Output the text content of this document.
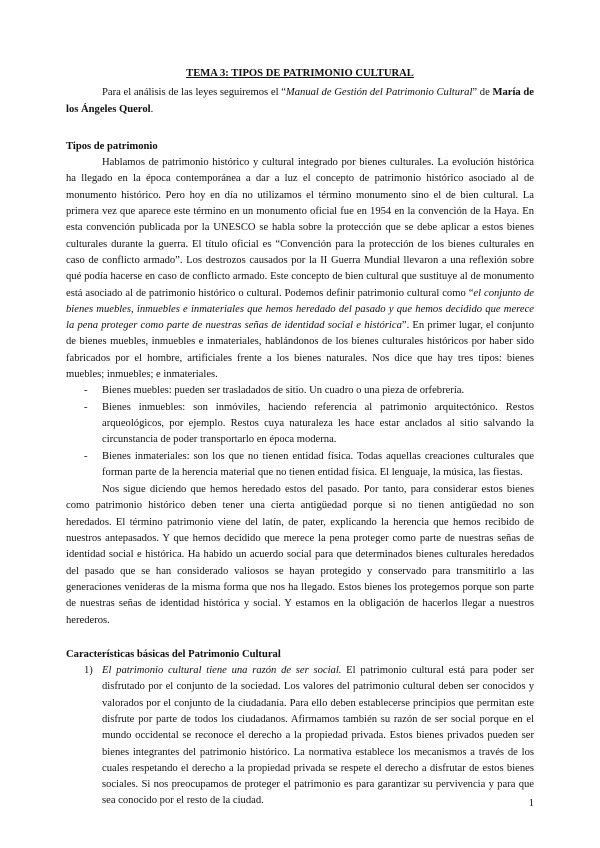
TEMA 3: TIPOS DE PATRIMONIO CULTURAL

Para el análisis de las leyes seguiremos el “Manual de Gestión del Patrimonio Cultural” de María de los Ángeles Querol.

Tipos de patrimonio

Hablamos de patrimonio histórico y cultural integrado por bienes culturales. La evolución histórica ha llegado en la época contemporánea a dar a luz el concepto de patrimonio histórico asociado al de monumento histórico. Pero hoy en día no utilizamos el término monumento sino el de bien cultural. La primera vez que aparece este término en un monumento oficial fue en 1954 en la convención de la Haya. En esta convención publicada por la UNESCO se habla sobre la protección que se debe aplicar a estos bienes culturales durante la guerra. El título oficial es “Convención para la protección de los bienes culturales en caso de conflicto armado”. Los destrozos causados por la II Guerra Mundial llevaron a una reflexión sobre qué podía hacerse en caso de conflicto armado. Este concepto de bien cultural que sustituye al de monumento está asociado al de patrimonio histórico o cultural. Podemos definir patrimonio cultural como “el conjunto de bienes muebles, inmuebles e inmateriales que hemos heredado del pasado y que hemos decidido que merece la pena proteger como parte de nuestras señas de identidad social e histórica”. En primer lugar, el conjunto de bienes muebles, inmuebles e inmateriales, hablándonos de los bienes culturales históricos por haber sido fabricados por el hombre, artificiales frente a los bienes naturales. Nos dice que hay tres tipos: bienes muebles; inmuebles; e inmateriales.

- Bienes muebles: pueden ser trasladados de sitio. Un cuadro o una pieza de orfebrería.
- Bienes inmuebles: son inmóviles, haciendo referencia al patrimonio arquitectónico. Restos arqueológicos, por ejemplo. Restos cuya naturaleza les hace estar anclados al sitio salvando la circunstancia de poder transportarlo en época moderna.
- Bienes inmateriales: son los que no tienen entidad física. Todas aquellas creaciones culturales que forman parte de la herencia material que no tienen entidad física. El lenguaje, la música, las fiestas.

Nos sigue diciendo que hemos heredado estos del pasado. Por tanto, para considerar estos bienes como patrimonio histórico deben tener una cierta antigüedad porque si no tienen antigüedad no son heredados. El término patrimonio viene del latín, de pater, explicando la herencia que hemos recibido de nuestros antepasados. Y que hemos decidido que merece la pena proteger como parte de nuestras señas de identidad social e histórica. Ha habido un acuerdo social para que determinados bienes culturales heredados del pasado que se han considerado valiosos se hayan protegido y conservado para transmitirlo a las generaciones venideras de la misma forma que nos ha llegado. Estos bienes los protegemos porque son parte de nuestras señas de identidad histórica y social. Y estamos en la obligación de hacerlos llegar a nuestros herederos.

Características básicas del Patrimonio Cultural
1) El patrimonio cultural tiene una razón de ser social. El patrimonio cultural está para poder ser disfrutado por el conjunto de la sociedad. Los valores del patrimonio cultural deben ser conocidos y valorados por el conjunto de la ciudadanía. Para ello deben establecerse principios que permitan este disfrute por parte de todos los ciudadanos. Afirmamos también su razón de ser social porque en el mundo occidental se reconoce el derecho a la propiedad privada. Estos bienes privados pueden ser bienes integrantes del patrimonio histórico. La normativa establece los mecanismos a través de los cuales respetando el derecho a la propiedad privada se respete el derecho a disfrutar de estos bienes sociales. Si nos preocupamos de proteger el patrimonio es para garantizar su pervivencia y para que sea conocido por el resto de la ciudad.	1
